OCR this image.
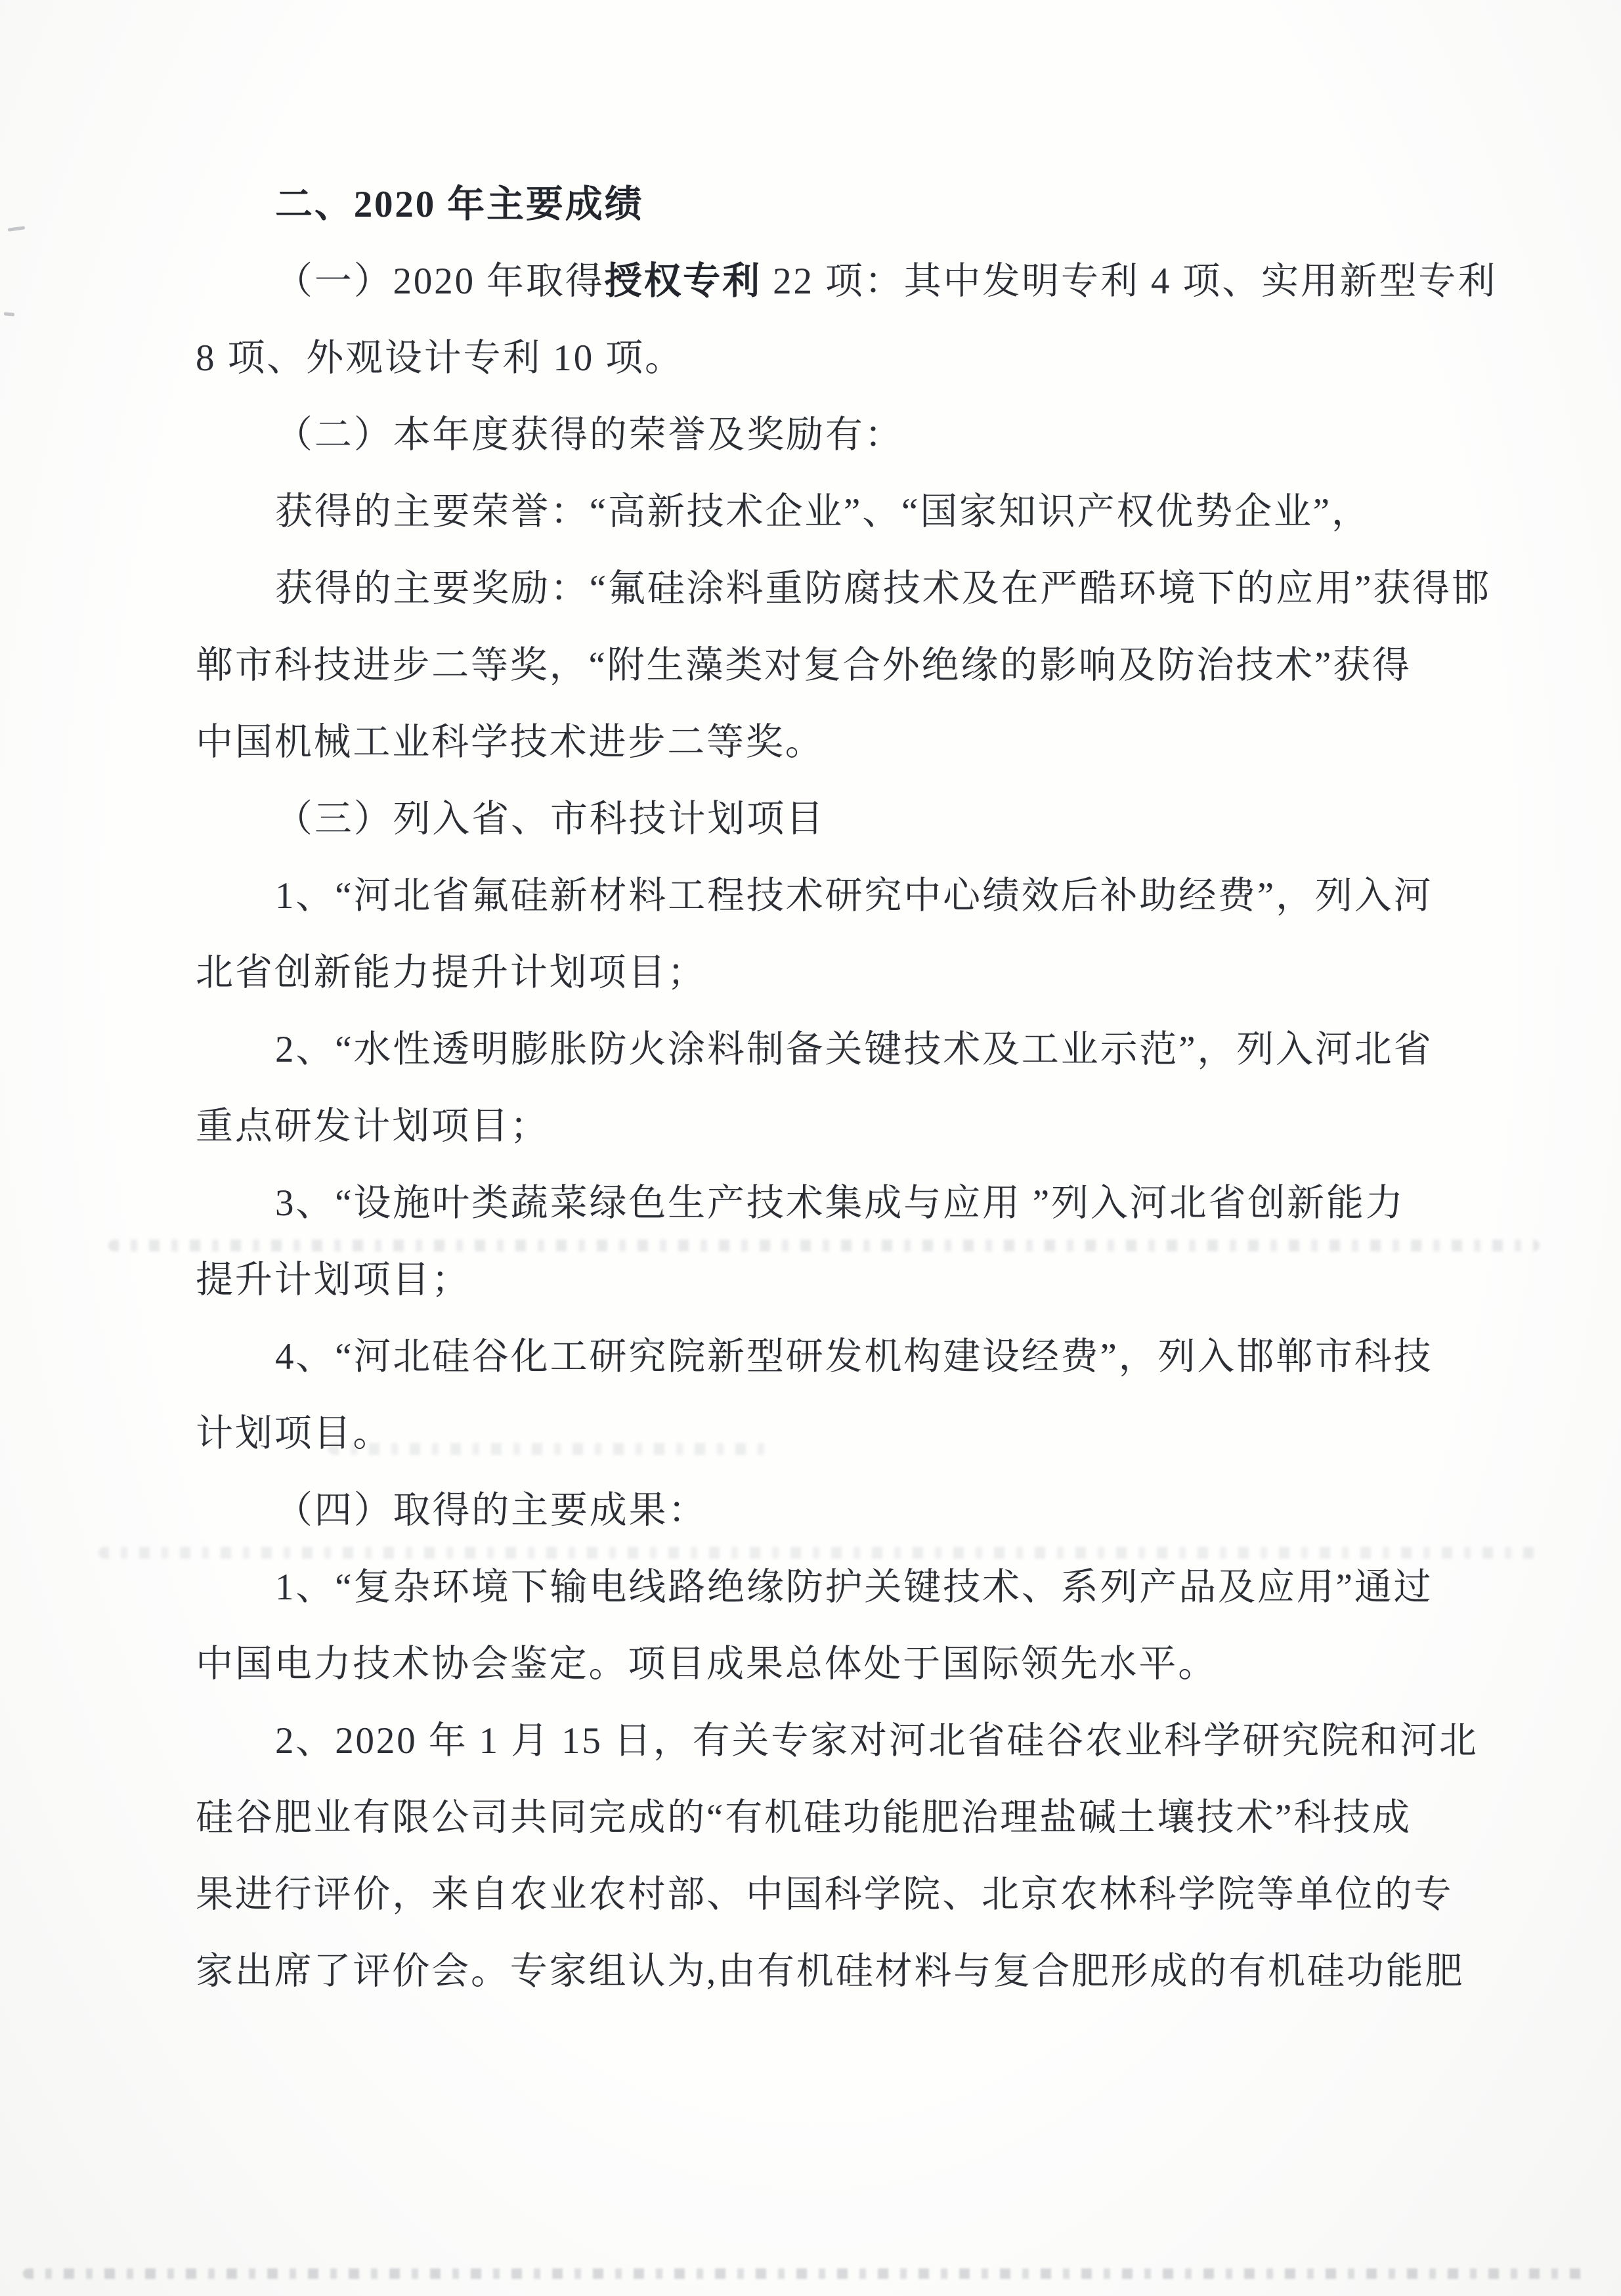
二、2020 年主要成绩
（一）2020 年取得授权专利 22 项：其中发明专利 4 项、实用新型专利
8 项、外观设计专利 10 项。
（二）本年度获得的荣誉及奖励有：
获得的主要荣誉：“高新技术企业”、“国家知识产权优势企业”，
获得的主要奖励：“氟硅涂料重防腐技术及在严酷环境下的应用”获得邯
郸市科技进步二等奖，“附生藻类对复合外绝缘的影响及防治技术”获得
中国机械工业科学技术进步二等奖。
（三）列入省、市科技计划项目
1、“河北省氟硅新材料工程技术研究中心绩效后补助经费”，列入河
北省创新能力提升计划项目；
2、“水性透明膨胀防火涂料制备关键技术及工业示范”，列入河北省
重点研发计划项目；
3、“设施叶类蔬菜绿色生产技术集成与应用 ”列入河北省创新能力
提升计划项目；
4、“河北硅谷化工研究院新型研发机构建设经费”，列入邯郸市科技
计划项目。
（四）取得的主要成果：
1、“复杂环境下输电线路绝缘防护关键技术、系列产品及应用”通过
中国电力技术协会鉴定。项目成果总体处于国际领先水平。
2、2020 年 1 月 15 日，有关专家对河北省硅谷农业科学研究院和河北
硅谷肥业有限公司共同完成的“有机硅功能肥治理盐碱土壤技术”科技成
果进行评价，来自农业农村部、中国科学院、北京农林科学院等单位的专
家出席了评价会。专家组认为,由有机硅材料与复合肥形成的有机硅功能肥
